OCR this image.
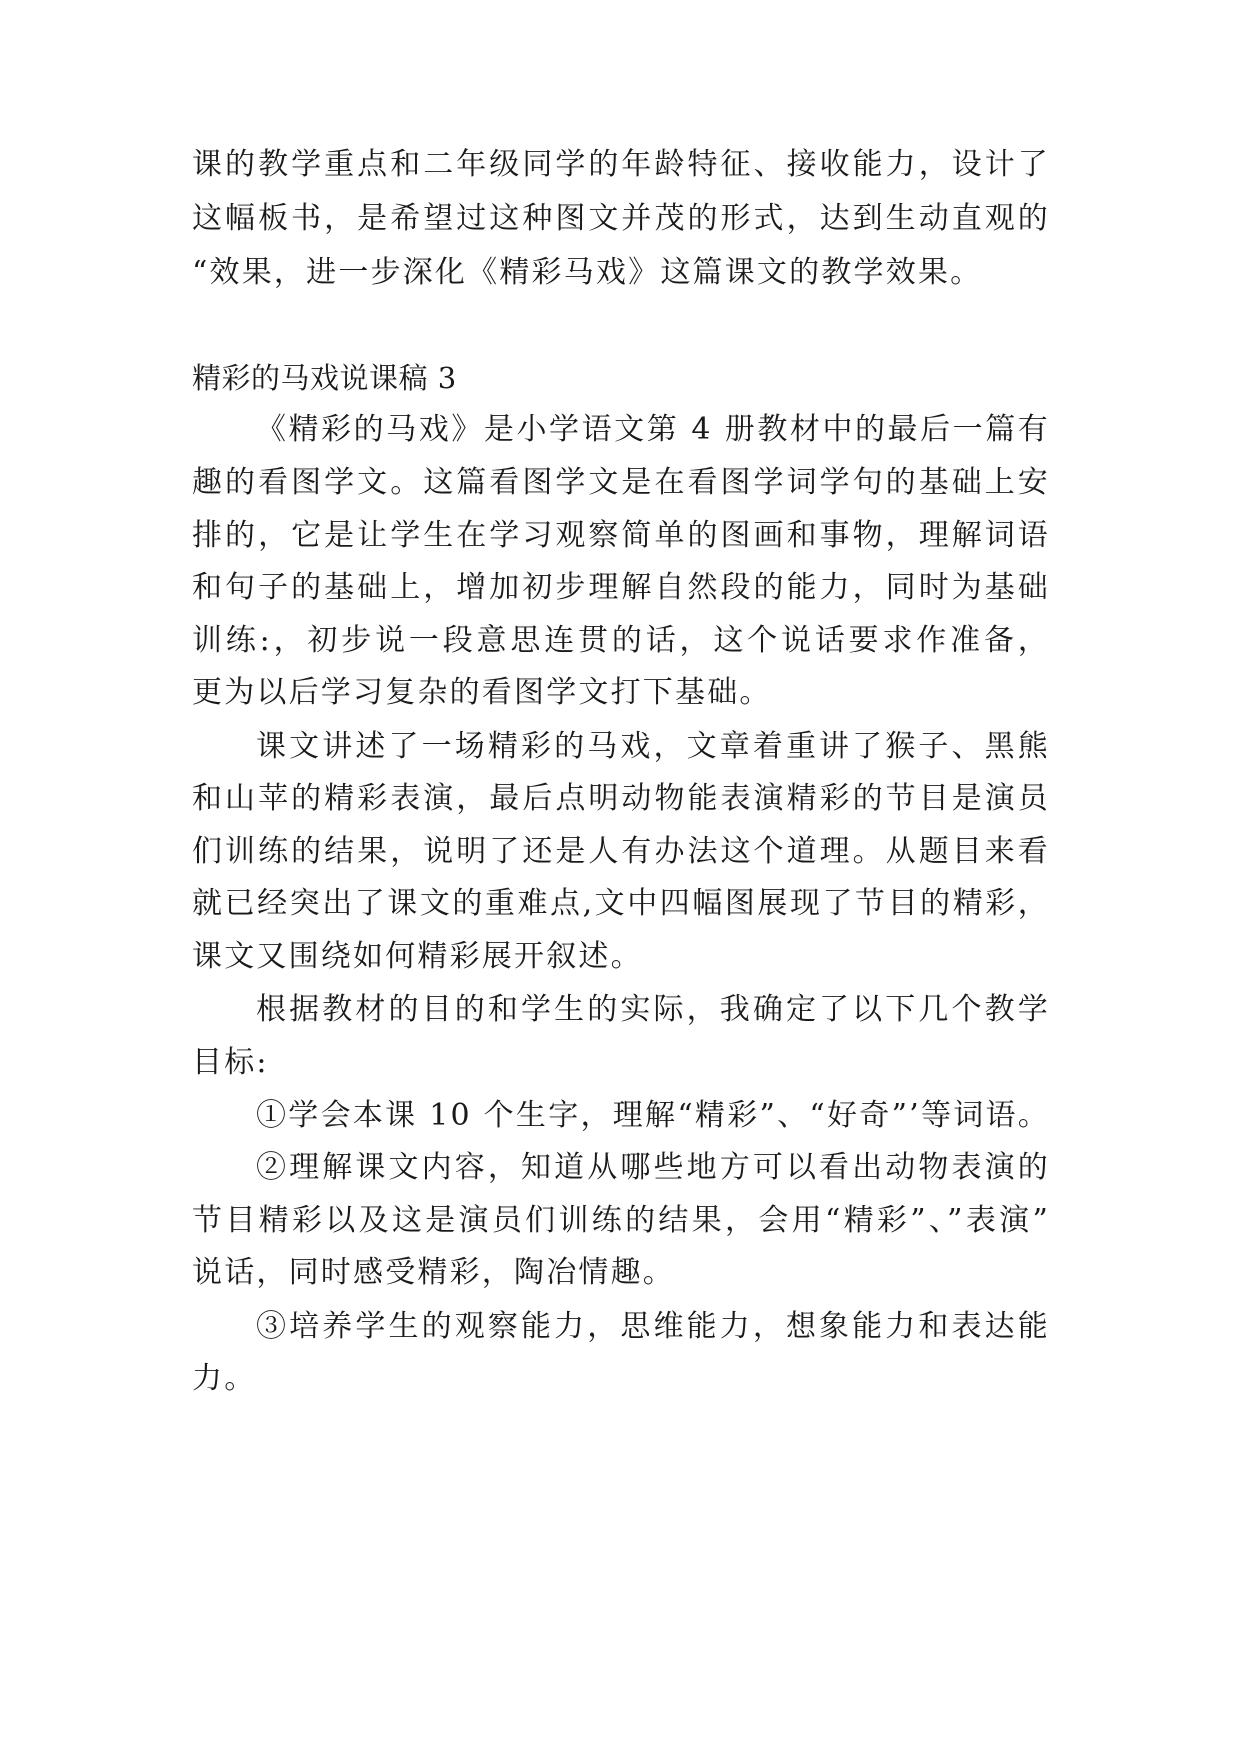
课的教学重点和二年级同学的年龄特征、接收能力，设计了
这幅板书，是希望过这种图文并茂的形式，达到生动直观的
“效果，进一步深化《精彩马戏》这篇课文的教学效果。
精彩的马戏说课稿 3
《精彩的马戏》是小学语文第 4 册教材中的最后一篇有
趣的看图学文。这篇看图学文是在看图学词学句的基础上安
排的，它是让学生在学习观察简单的图画和事物，理解词语
和句子的基础上，增加初步理解自然段的能力，同时为基础
训练:，初步说一段意思连贯的话，这个说话要求作准备，
更为以后学习复杂的看图学文打下基础。
课文讲述了一场精彩的马戏，文章着重讲了猴子、黑熊
和山苹的精彩表演，最后点明动物能表演精彩的节目是演员
们训练的结果，说明了还是人有办法这个道理。从题目来看
就已经突出了课文的重难点,文中四幅图展现了节目的精彩，
课文又围绕如何精彩展开叙述。
根据教材的目的和学生的实际，我确定了以下几个教学
目标:
①学会本课 10 个生字，理解“精彩”、“好奇”’等词语。
②理解课文内容，知道从哪些地方可以看出动物表演的
节目精彩以及这是演员们训练的结果，会用“精彩”、”表演”
说话，同时感受精彩，陶冶情趣。
③培养学生的观察能力，思维能力，想象能力和表达能
力。
